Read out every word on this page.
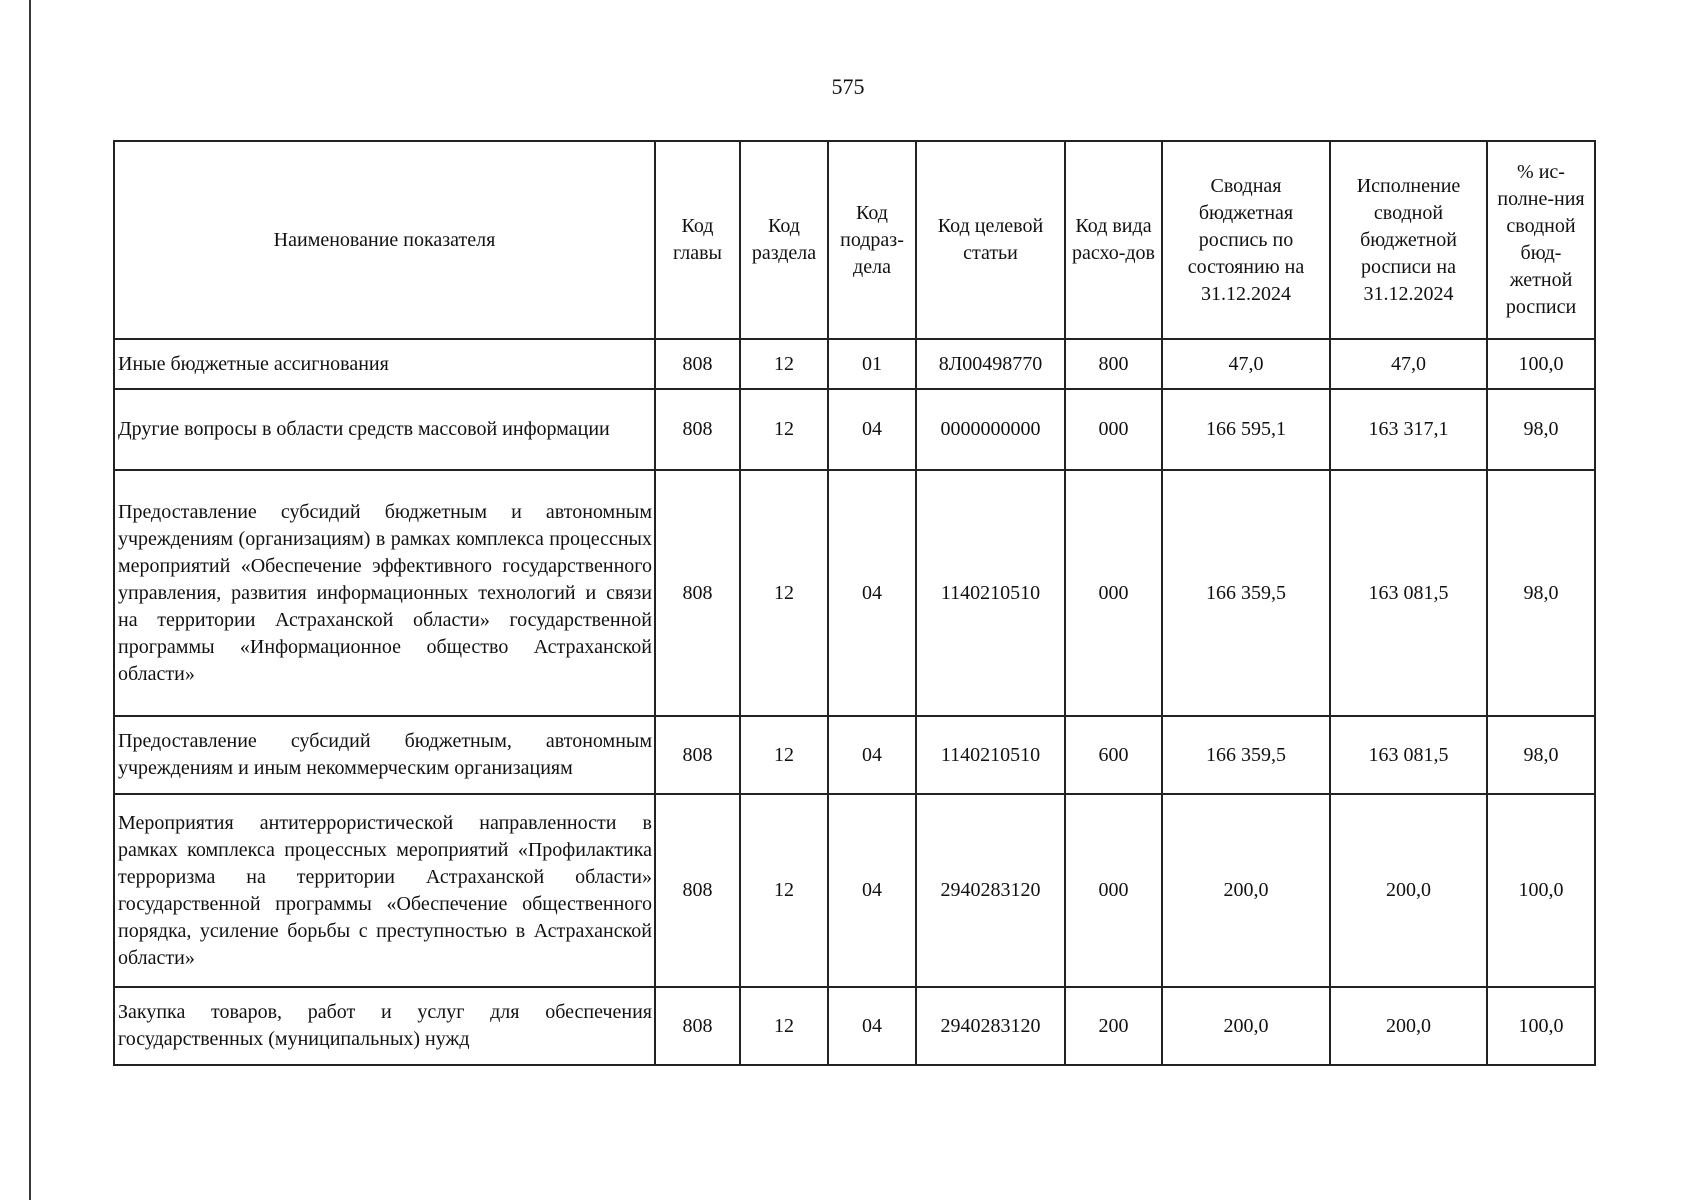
575
Наименование показателя	Код главы	Код раздела	Код подраз-дела	Код целевой статьи	Код вида расхо-дов	Сводная бюджетная роспись по состоянию на 31.12.2024	Исполнение сводной бюджетной росписи на 31.12.2024	% ис-полне-ния сводной бюд-жетной росписи
Иные бюджетные ассигнования	808	12	01	8Л00498770	800	47,0	47,0	100,0
Другие вопросы в области средств массовой информации	808	12	04	0000000000	000	166 595,1	163 317,1	98,0
Предоставление субсидий бюджетным и автономным учреждениям (организациям) в рамках комплекса процессных мероприятий «Обеспечение эффективного государственного управления, развития информационных технологий и связи на территории Астраханской области» государственной программы «Информационное общество Астраханской области»	808	12	04	1140210510	000	166 359,5	163 081,5	98,0
Предоставление субсидий бюджетным, автономным учреждениям и иным некоммерческим организациям	808	12	04	1140210510	600	166 359,5	163 081,5	98,0
Мероприятия антитеррористической направленности в рамках комплекса процессных мероприятий «Профилактика терроризма на территории Астраханской области» государственной программы «Обеспечение общественного порядка, усиление борьбы с преступностью в Астраханской области»	808	12	04	2940283120	000	200,0	200,0	100,0
Закупка товаров, работ и услуг для обеспечения государственных (муниципальных) нужд	808	12	04	2940283120	200	200,0	200,0	100,0
